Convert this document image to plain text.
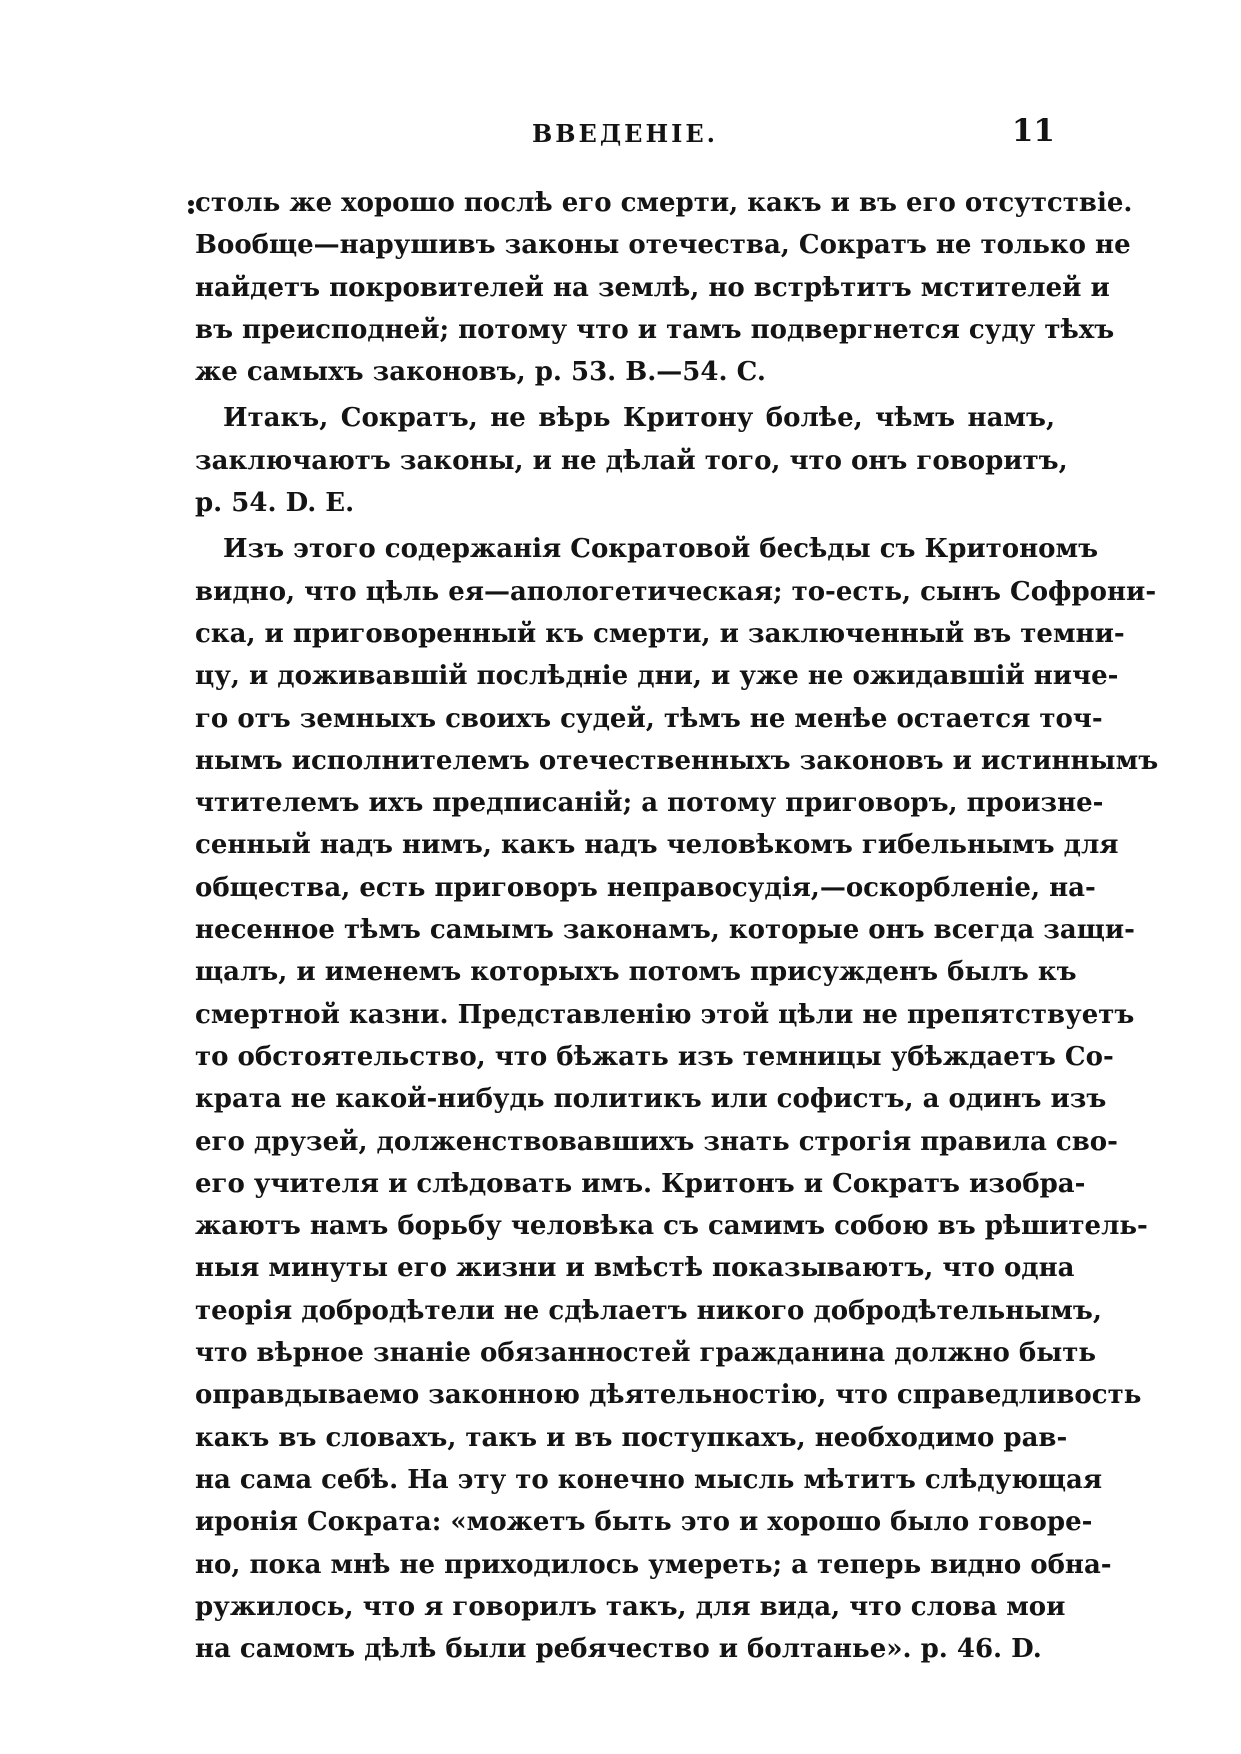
ВВЕДЕНІЕ.	11
столь же хорошо послѣ его смерти, какъ и въ его отсутствіе.
Вообще—нарушивъ законы отечества, Сократъ не только не
найдетъ покровителей на землѣ, но встрѣтитъ мстителей и
въ преисподней; потому что и тамъ подвергнется суду тѣхъ
же самыхъ законовъ, p. 53. B.—54. C.
Итакъ, Сократъ, не вѣрь Критону болѣе, чѣмъ намъ,
заключаютъ законы, и не дѣлай того, что онъ говоритъ,
p. 54. D. E.
Изъ этого содержанія Сократовой бесѣды съ Критономъ
видно, что цѣль ея—апологетическая; то-есть, сынъ Софрони-
ска, и приговоренный къ смерти, и заключенный въ темни-
цу, и доживавшій послѣдніе дни, и уже не ожидавшій ниче-
го отъ земныхъ своихъ судей, тѣмъ не менѣе остается точ-
нымъ исполнителемъ отечественныхъ законовъ и истиннымъ
чтителемъ ихъ предписаній; а потому приговоръ, произне-
сенный надъ нимъ, какъ надъ человѣкомъ гибельнымъ для
общества, есть приговоръ неправосудія,—оскорбленіе, на-
несенное тѣмъ самымъ законамъ, которые онъ всегда защи-
щалъ, и именемъ которыхъ потомъ присужденъ былъ къ
смертной казни. Представленію этой цѣли не препятствуетъ
то обстоятельство, что бѣжать изъ темницы убѣждаетъ Со-
крата не какой-нибудь политикъ или софистъ, а одинъ изъ
его друзей, долженствовавшихъ знать строгія правила сво-
его учителя и слѣдовать имъ. Критонъ и Сократъ изобра-
жаютъ намъ борьбу человѣка съ самимъ собою въ рѣшитель-
ныя минуты его жизни и вмѣстѣ показываютъ, что одна
теорія добродѣтели не сдѣлаетъ никого добродѣтельнымъ,
что вѣрное знаніе обязанностей гражданина должно быть
оправдываемо законною дѣятельностію, что справедливость
какъ въ словахъ, такъ и въ поступкахъ, необходимо рав-
на сама себѣ. На эту то конечно мысль мѣтитъ слѣдующая
иронія Сократа: «можетъ быть это и хорошо было говоре-
но, пока мнѣ не приходилось умереть; а теперь видно обна-
ружилось, что я говорилъ такъ, для вида, что слова мои
на самомъ дѣлѣ были ребячество и болтанье». p. 46. D.
